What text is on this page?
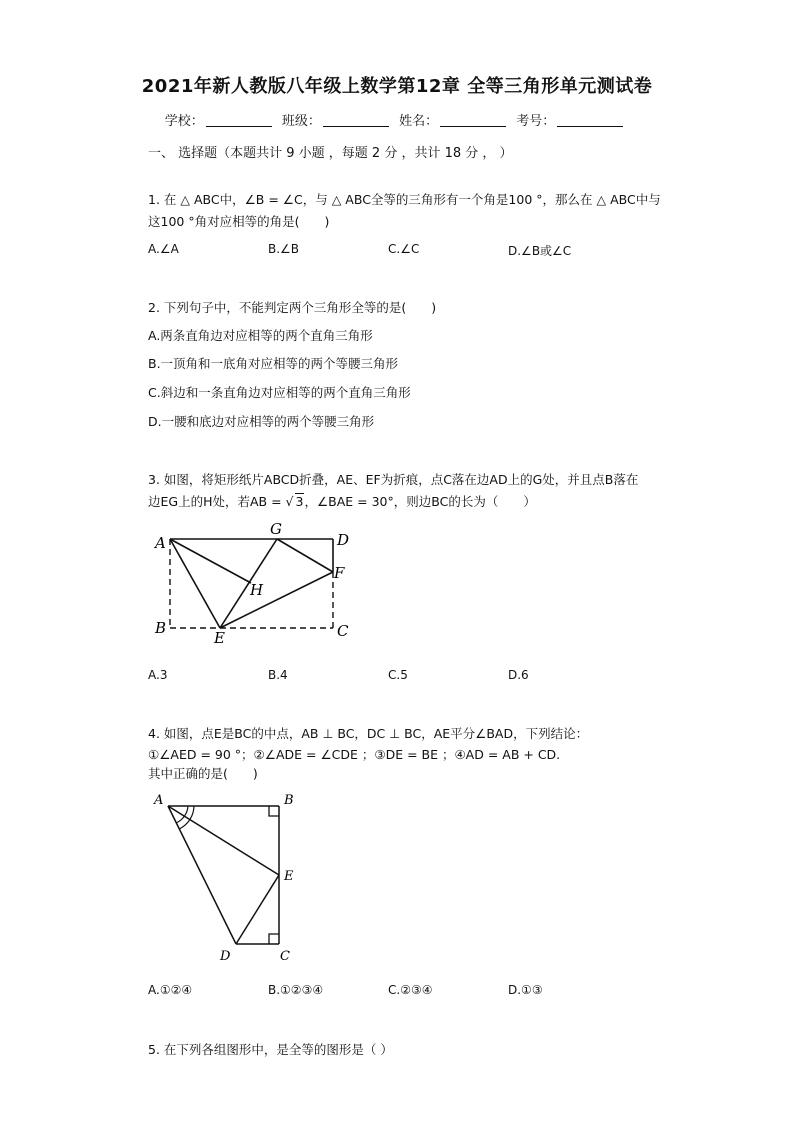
2021年新人教版八年级上数学第12章 全等三角形单元测试卷
学校：	班级：	姓名：	考号：
一、 选择题（本题共计 9 小题 ，每题 2 分 ，共计 18 分 ， ）
1. 在 △ ABC中，∠B = ∠C，与 △ ABC全等的三角形有一个角是100 °，那么在 △ ABC中与
这100 °角对应相等的角是(　　)
A.∠A	B.∠B	C.∠C	D.∠B或∠C
2. 下列句子中，不能判定两个三角形全等的是(　　)
A.两条直角边对应相等的两个直角三角形
B.一顶角和一底角对应相等的两个等腰三角形
C.斜边和一条直角边对应相等的两个直角三角形
D.一腰和底边对应相等的两个等腰三角形
3. 如图，将矩形纸片ABCD折叠，AE、EF为折痕，点C落在边AD上的G处，并且点B落在
边EG上的H处，若AB = √ 3，∠BAE = 30°，则边BC的长为（　　）
A
B	C
D
E
F
G
H
A.3	B.4	C.5	D.6
4. 如图，点E是BC的中点，AB ⊥ BC，DC ⊥ BC，AE平分∠BAD，下列结论：
①∠AED = 90 °；②∠ADE = ∠CDE ；③DE = BE ；④AD = AB + CD.
其中正确的是(　　)
A	B
E
D	C
A.①②④	B.①②③④	C.②③④	D.①③
5. 在下列各组图形中，是全等的图形是（ ）
